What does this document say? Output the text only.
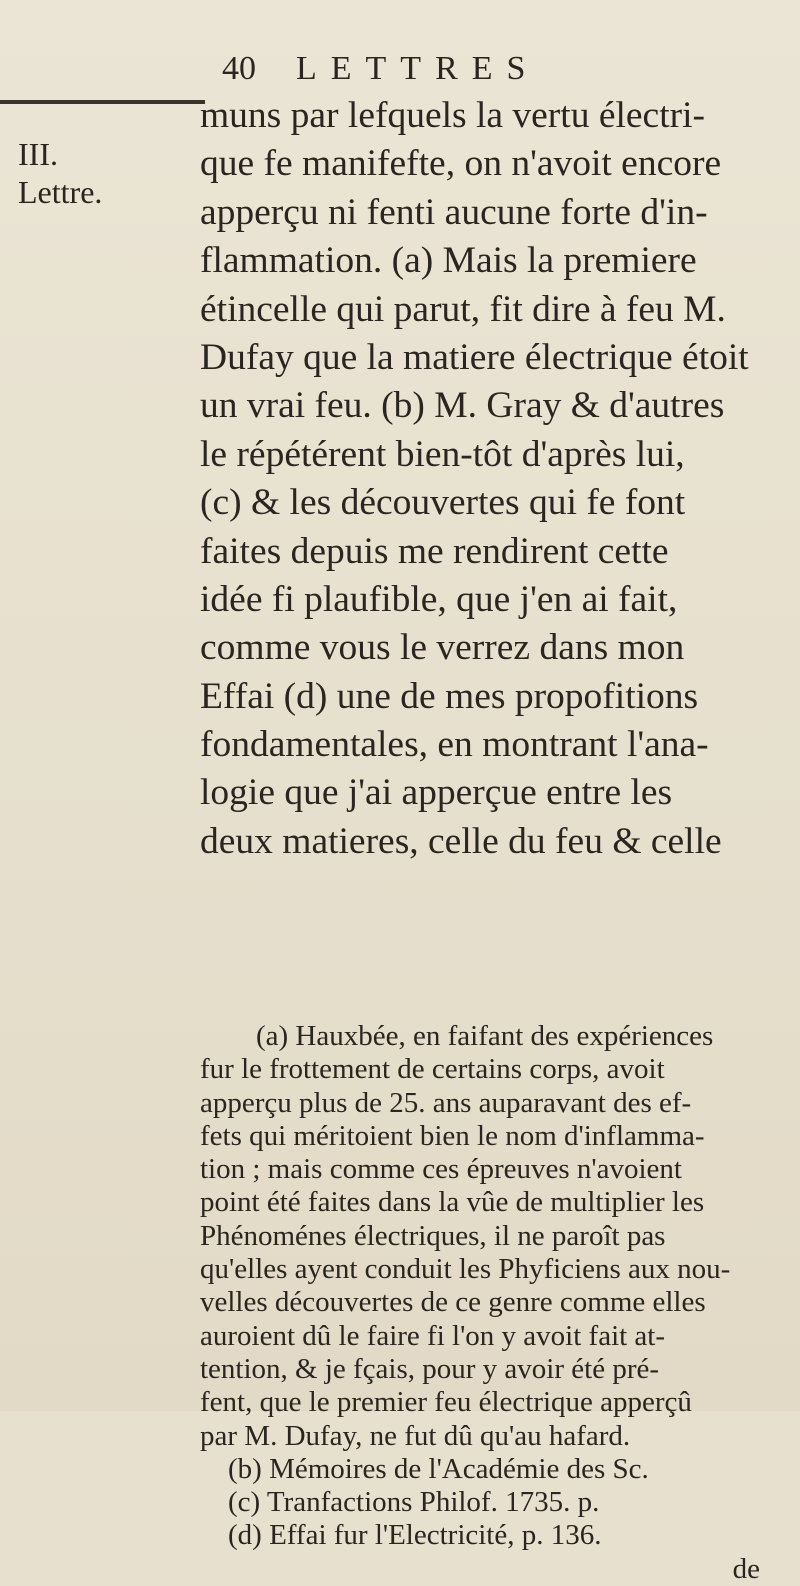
40 LETTRES
III.
Lettre.
muns par lefquels la vertu électri-
que fe manifefte, on n'avoit encore
apperçu ni fenti aucune forte d'in-
flammation. (a) Mais la premiere
étincelle qui parut, fit dire à feu M.
Dufay que la matiere électrique étoit
un vrai feu. (b) M. Gray & d'autres
le répétérent bien-tôt d'après lui,
(c) & les découvertes qui fe font
faites depuis me rendirent cette
idée fi plaufible, que j'en ai fait,
comme vous le verrez dans mon
Effai (d) une de mes propofitions
fondamentales, en montrant l'ana-
logie que j'ai apperçue entre les
deux matieres, celle du feu & celle
(a) Hauxbée, en faifant des expériences
fur le frottement de certains corps, avoit
apperçu plus de 25. ans auparavant des ef-
fets qui méritoient bien le nom d'inflamma-
tion ; mais comme ces épreuves n'avoient
point été faites dans la vûe de multiplier les
Phénoménes électriques, il ne paroît pas
qu'elles ayent conduit les Phyficiens aux nou-
velles découvertes de ce genre comme elles
auroient dû le faire fi l'on y avoit fait at-
tention, & je fçais, pour y avoir été pré-
fent, que le premier feu électrique apperçû
par M. Dufay, ne fut dû qu'au hafard.
(b) Mémoires de l'Académie des Sc.
(c) Tranfactions Philof. 1735. p.
(d) Effai fur l'Electricité, p. 136.
de
